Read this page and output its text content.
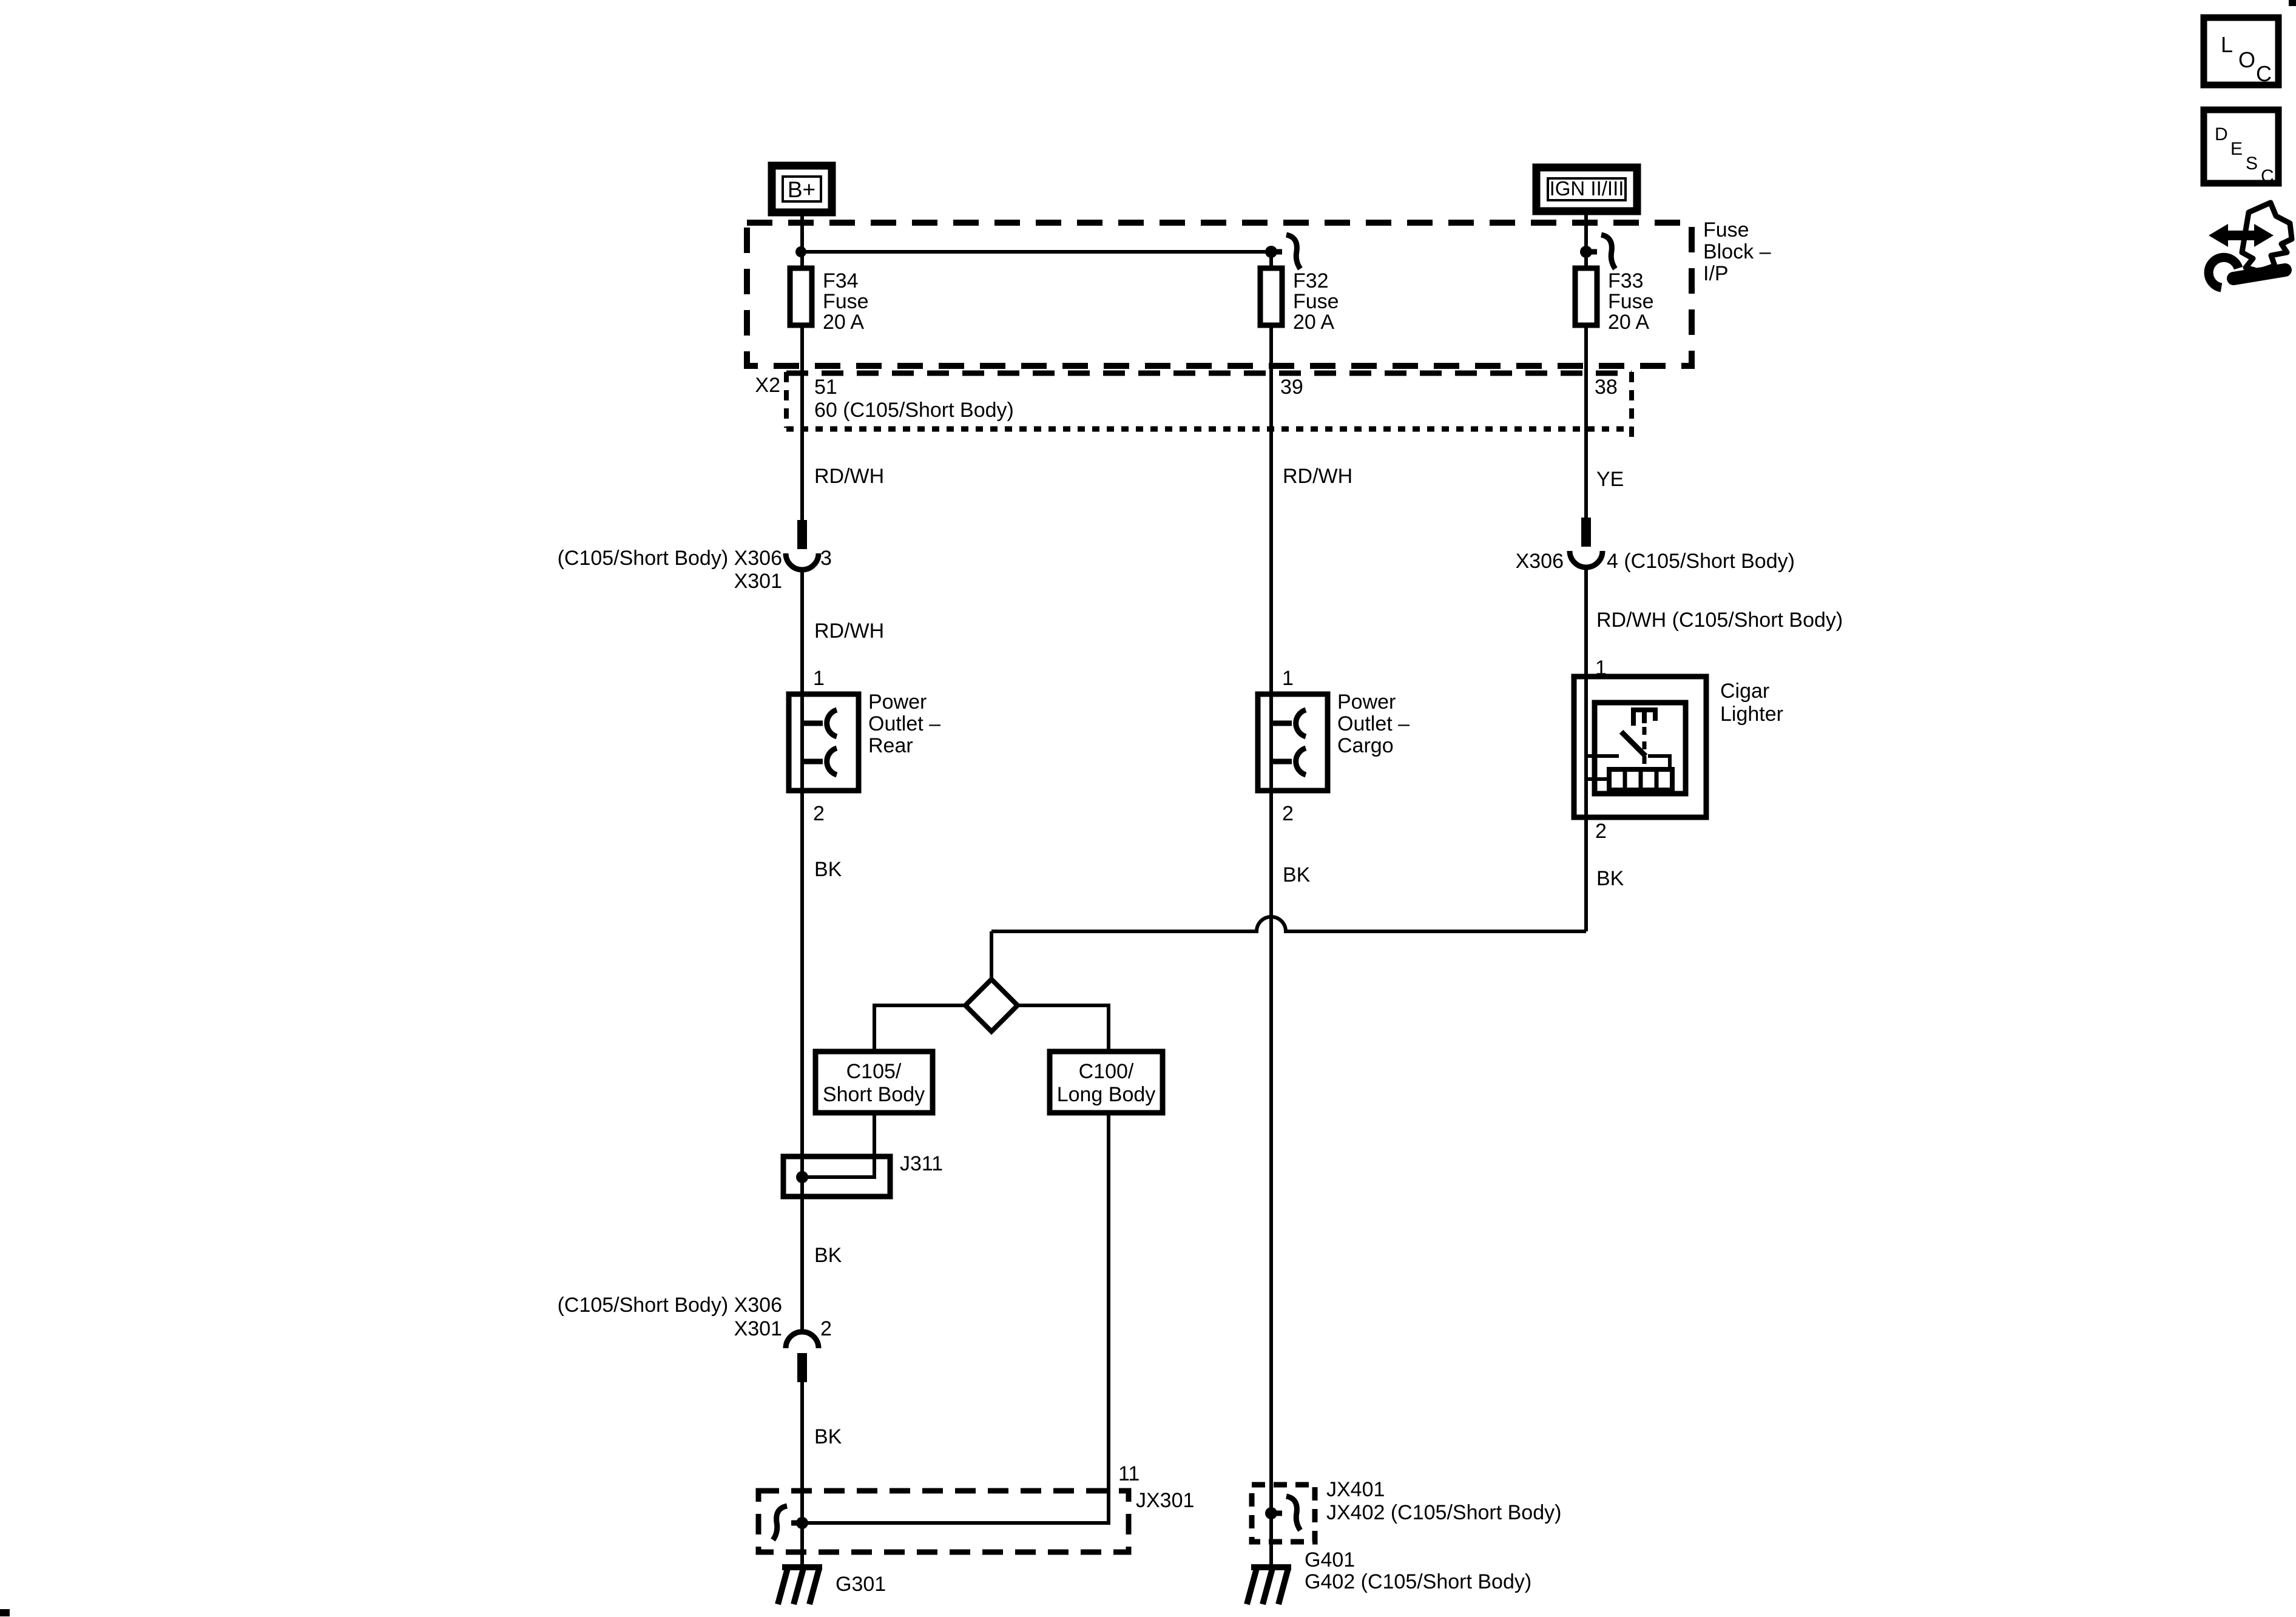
B+	IGN II/III
Fuse
Block –
I/P
F34
Fuse
20 A
F32
Fuse
20 A
F33
Fuse
20 A
X2 51
60 (C105/Short Body)
39	38
RD/WH	RD/WH	YE
(C105/Short Body) X306
X301
3	X306 4 (C105/Short Body)
RD/WH	RD/WH (C105/Short Body)
1	1	1
Power
Outlet –
Rear
Power
Outlet –
Cargo
Cigar
Lighter
2	2
2
BK	BK	BK
C105/
Short Body
C100/
Long Body
J311
BK
(C105/Short Body) X306
X301 2
BK
11
JX301
G301
JX401
JX402 (C105/Short Body)
G401
G402 (C105/Short Body)
L
O
C
D
E
S
C
